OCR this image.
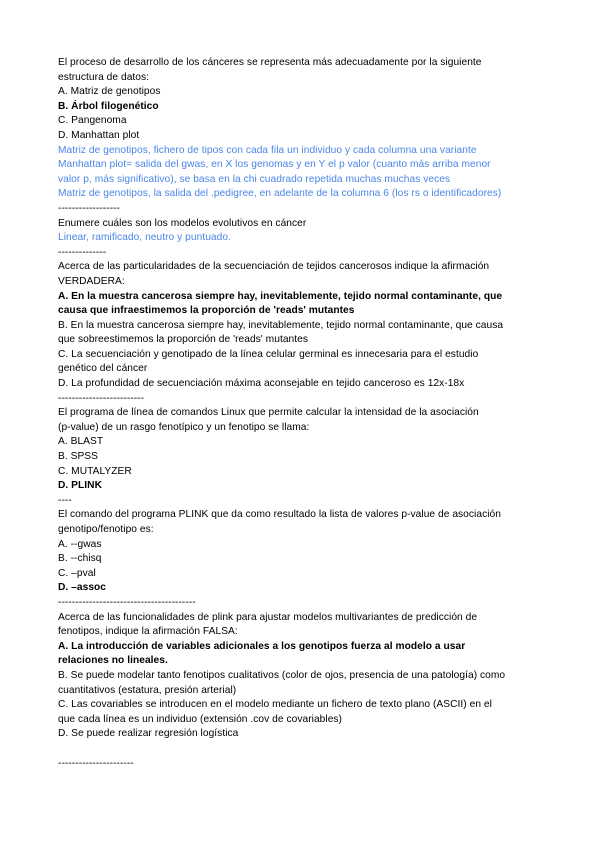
El proceso de desarrollo de los cánceres se representa más adecuadamente por la siguiente
estructura de datos:
A. Matriz de genotipos
B. Árbol filogenético
C. Pangenoma
D. Manhattan plot
Matriz de genotipos, fichero de tipos con cada fila un individuo y cada columna una variante
Manhattan plot= salida del gwas, en X los genomas y en Y el p valor (cuanto más arriba menor
valor p, más significativo), se basa en la chi cuadrado repetida muchas muchas veces
Matriz de genotipos, la salida del .pedigree, en adelante de la columna 6 (los rs o identificadores)
------------------
Enumere cuáles son los modelos evolutivos en cáncer
Linear, ramificado, neutro y puntuado.
--------------
Acerca de las particularidades de la secuenciación de tejidos cancerosos indique la afirmación
VERDADERA:
A. En la muestra cancerosa siempre hay, inevitablemente, tejido normal contaminante, que
causa que infraestimemos la proporción de 'reads' mutantes
B. En la muestra cancerosa siempre hay, inevitablemente, tejido normal contaminante, que causa
que sobreestimemos la proporción de 'reads' mutantes
C. La secuenciación y genotipado de la línea celular germinal es innecesaria para el estudio
genético del cáncer
D. La profundidad de secuenciación máxima aconsejable en tejido canceroso es 12x-18x
-------------------------
El programa de línea de comandos Linux que permite calcular la intensidad de la asociación
(p-value) de un rasgo fenotípico y un fenotipo se llama:
A. BLAST
B. SPSS
C. MUTALYZER
D. PLINK
----
El comando del programa PLINK que da como resultado la lista de valores p-value de asociación
genotipo/fenotipo es:
A. --gwas
B. --chisq
C. –pval
D. –assoc
----------------------------------------
Acerca de las funcionalidades de plink para ajustar modelos multivariantes de predicción de
fenotipos, indique la afirmación FALSA:
A. La introducción de variables adicionales a los genotipos fuerza al modelo a usar
relaciones no lineales.
B. Se puede modelar tanto fenotipos cualitativos (color de ojos, presencia de una patología) como
cuantitativos (estatura, presión arterial)
C. Las covariables se introducen en el modelo mediante un fichero de texto plano (ASCII) en el
que cada línea es un individuo (extensión .cov de covariables)
D. Se puede realizar regresión logística
----------------------
